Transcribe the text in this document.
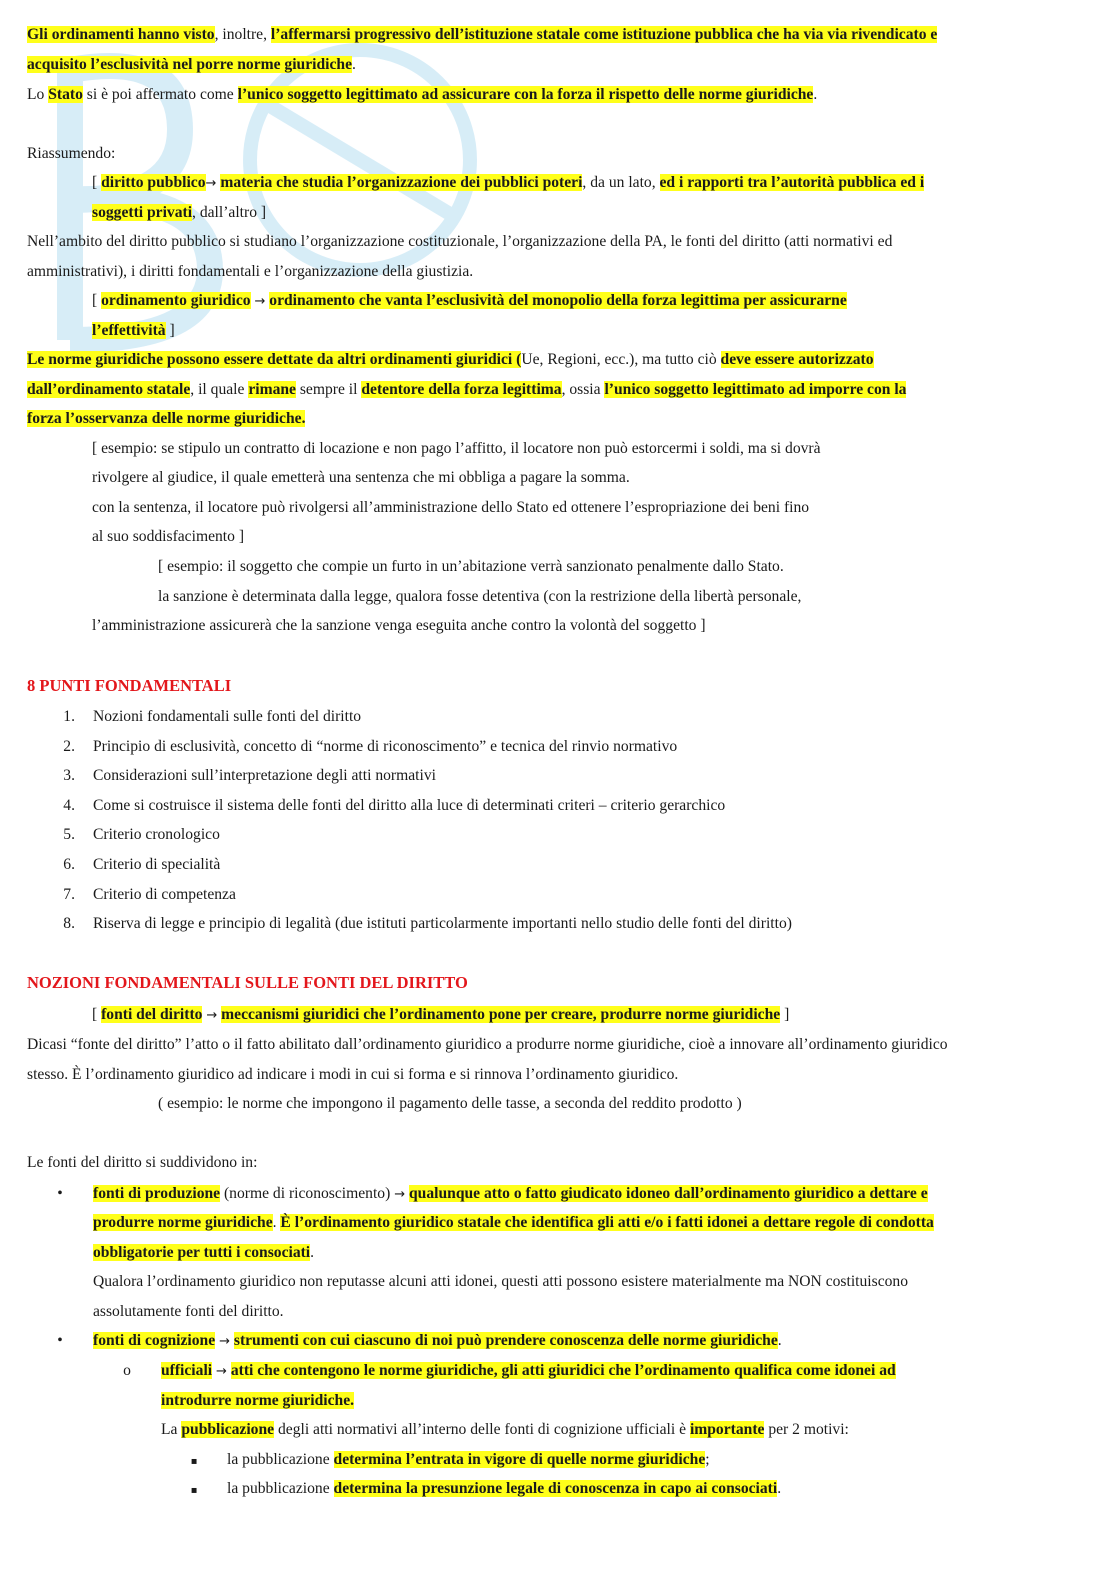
Gli ordinamenti hanno visto, inoltre, l’affermarsi progressivo dell’istituzione statale come istituzione pubblica che ha via via rivendicato e
acquisito l’esclusività nel porre norme giuridiche.
Lo Stato si è poi affermato come l’unico soggetto legittimato ad assicurare con la forza il rispetto delle norme giuridiche.
Riassumendo:
[ diritto pubblico→ materia che studia l’organizzazione dei pubblici poteri, da un lato, ed i rapporti tra l’autorità pubblica ed i
soggetti privati, dall’altro ]
Nell’ambito del diritto pubblico si studiano l’organizzazione costituzionale, l’organizzazione della PA, le fonti del diritto (atti normativi ed
amministrativi), i diritti fondamentali e l’organizzazione della giustizia.
[ ordinamento giuridico → ordinamento che vanta l’esclusività del monopolio della forza legittima per assicurarne
l’effettività ]
Le norme giuridiche possono essere dettate da altri ordinamenti giuridici (Ue, Regioni, ecc.), ma tutto ciò deve essere autorizzato
dall’ordinamento statale, il quale rimane sempre il detentore della forza legittima, ossia l’unico soggetto legittimato ad imporre con la
forza l’osservanza delle norme giuridiche.
[ esempio: se stipulo un contratto di locazione e non pago l’affitto, il locatore non può estorcermi i soldi, ma si dovrà
rivolgere al giudice, il quale emetterà una sentenza che mi obbliga a pagare la somma.
con la sentenza, il locatore può rivolgersi all’amministrazione dello Stato ed ottenere l’espropriazione dei beni fino
al suo soddisfacimento ]
[ esempio: il soggetto che compie un furto in un’abitazione verrà sanzionato penalmente dallo Stato.
la sanzione è determinata dalla legge, qualora fosse detentiva (con la restrizione della libertà personale,
l’amministrazione assicurerà che la sanzione venga eseguita anche contro la volontà del soggetto ]
8 PUNTI FONDAMENTALI
1. Nozioni fondamentali sulle fonti del diritto
2. Principio di esclusività, concetto di “norme di riconoscimento” e tecnica del rinvio normativo
3. Considerazioni sull’interpretazione degli atti normativi
4. Come si costruisce il sistema delle fonti del diritto alla luce di determinati criteri – criterio gerarchico
5. Criterio cronologico
6. Criterio di specialità
7. Criterio di competenza
8. Riserva di legge e principio di legalità (due istituti particolarmente importanti nello studio delle fonti del diritto)
NOZIONI FONDAMENTALI SULLE FONTI DEL DIRITTO
[ fonti del diritto → meccanismi giuridici che l’ordinamento pone per creare, produrre norme giuridiche ]
Dicasi “fonte del diritto” l’atto o il fatto abilitato dall’ordinamento giuridico a produrre norme giuridiche, cioè a innovare all’ordinamento giuridico
stesso. È l’ordinamento giuridico ad indicare i modi in cui si forma e si rinnova l’ordinamento giuridico.
( esempio: le norme che impongono il pagamento delle tasse, a seconda del reddito prodotto )
Le fonti del diritto si suddividono in:
• fonti di produzione (norme di riconoscimento) → qualunque atto o fatto giudicato idoneo dall’ordinamento giuridico a dettare e
produrre norme giuridiche. È l’ordinamento giuridico statale che identifica gli atti e/o i fatti idonei a dettare regole di condotta
obbligatorie per tutti i consociati.
Qualora l’ordinamento giuridico non reputasse alcuni atti idonei, questi atti possono esistere materialmente ma NON costituiscono
assolutamente fonti del diritto.
• fonti di cognizione → strumenti con cui ciascuno di noi può prendere conoscenza delle norme giuridiche.
o ufficiali → atti che contengono le norme giuridiche, gli atti giuridici che l’ordinamento qualifica come idonei ad
introdurre norme giuridiche.
La pubblicazione degli atti normativi all’interno delle fonti di cognizione ufficiali è importante per 2 motivi:
▪ la pubblicazione determina l’entrata in vigore di quelle norme giuridiche;
▪ la pubblicazione determina la presunzione legale di conoscenza in capo ai consociati.
